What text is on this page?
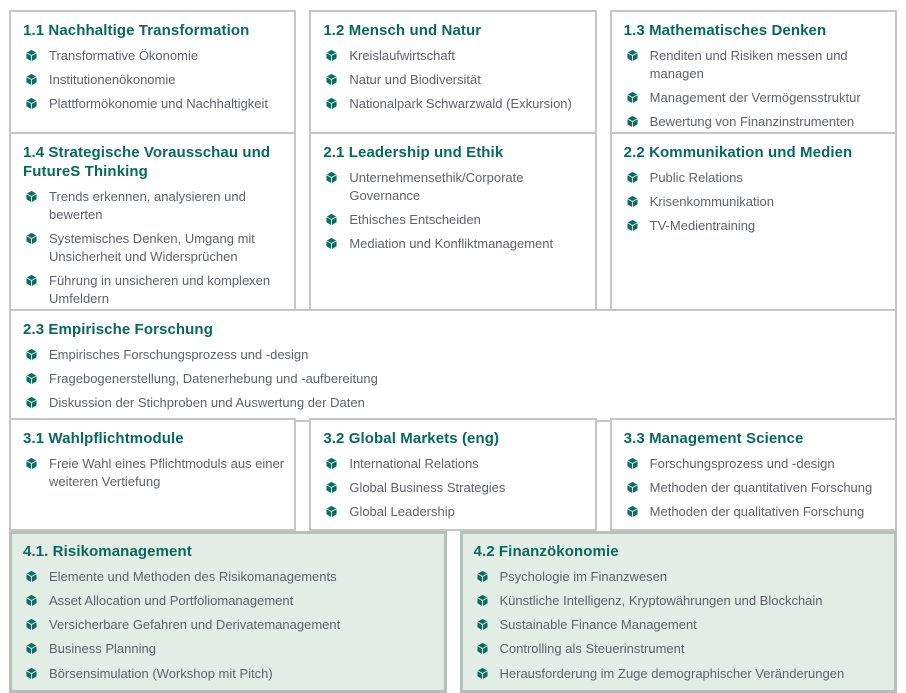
1.1 Nachhaltige Transformation
Transformative Ökonomie
Institutionenökonomie
Plattformökonomie und Nachhaltigkeit
1.2 Mensch und Natur
Kreislaufwirtschaft
Natur und Biodiversität
Nationalpark Schwarzwald (Exkursion)
1.3 Mathematisches Denken
Renditen und Risiken messen und managen
Management der Vermögensstruktur
Bewertung von Finanzinstrumenten
1.4 Strategische Vorausschau und FutureS Thinking
Trends erkennen, analysieren und bewerten
Systemisches Denken, Umgang mit Unsicherheit und Widersprüchen
Führung in unsicheren und komplexen Umfeldern
2.1 Leadership und Ethik
Unternehmensethik/Corporate Governance
Ethisches Entscheiden
Mediation und Konfliktmanagement
2.2 Kommunikation und Medien
Public Relations
Krisenkommunikation
TV-Medientraining
2.3 Empirische Forschung
Empirisches Forschungsprozess und -design
Fragebogenerstellung, Datenerhebung und -aufbereitung
Diskussion der Stichproben und Auswertung der Daten
3.1 Wahlpflichtmodule
Freie Wahl eines Pflichtmoduls aus einer weiteren Vertiefung
3.2 Global Markets (eng)
International Relations
Global Business Strategies
Global Leadership
3.3 Management Science
Forschungsprozess und -design
Methoden der quantitativen Forschung
Methoden der qualitativen Forschung
4.1. Risikomanagement
Elemente und Methoden des Risikomanagements
Asset Allocation und Portfoliomanagement
Versicherbare Gefahren und Derivatemanagement
Business Planning
Börsensimulation (Workshop mit Pitch)
4.2 Finanzökonomie
Psychologie im Finanzwesen
Künstliche Intelligenz, Kryptowährungen und Blockchain
Sustainable Finance Management
Controlling als Steuerinstrument
Herausforderung im Zuge demographischer Veränderungen
